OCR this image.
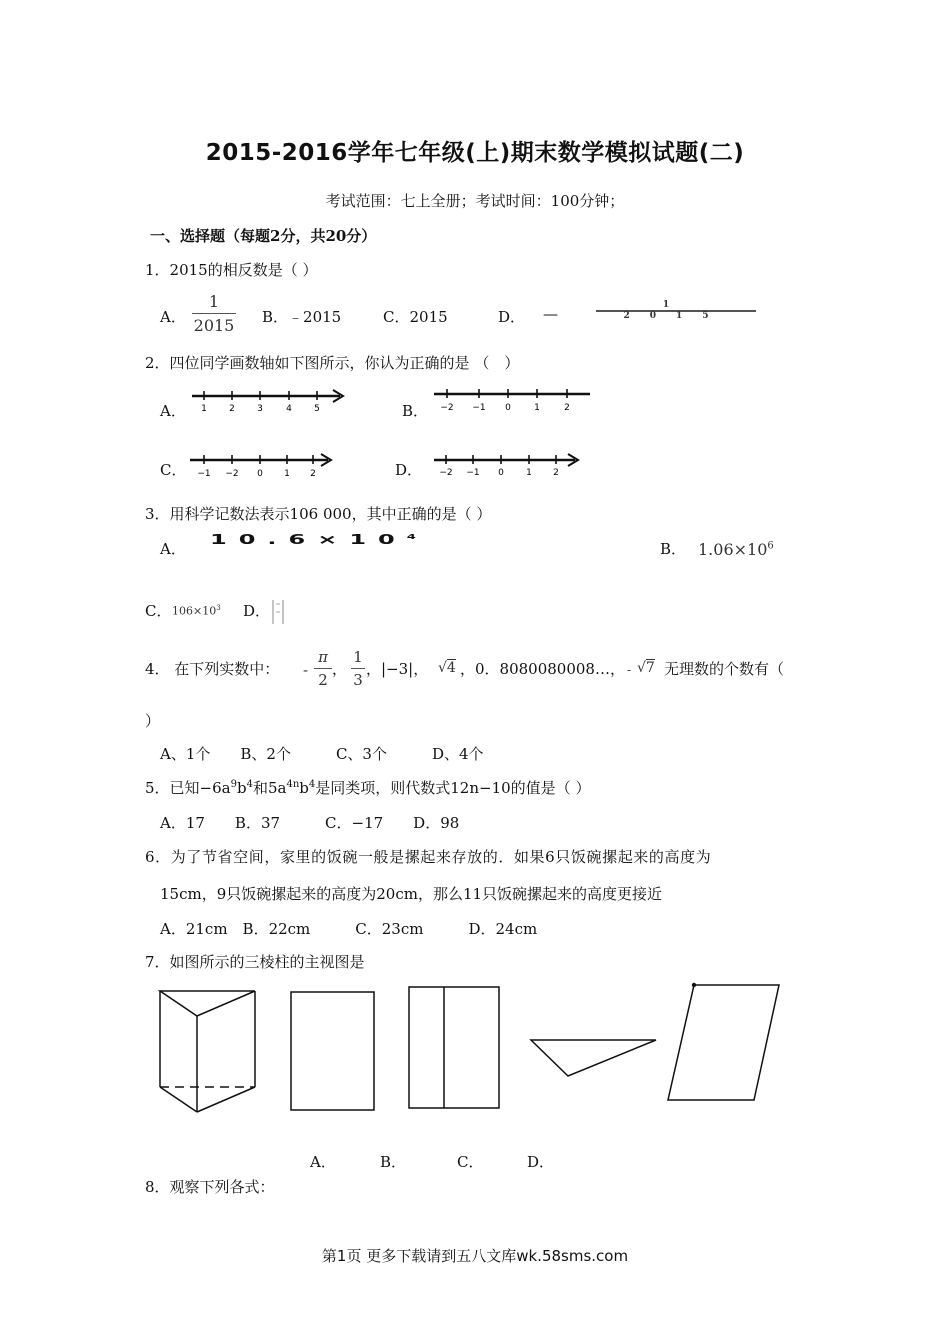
2015-2016学年七年级(上)期末数学模拟试题(二)
考试范围：七上全册；考试时间：100分钟；
一、选择题（每题2分，共20分）
1．2015的相反数是（ ）
A．
1
2015 B．﹣2015	C．2015	D． —	1
2015
2．四位同学画数轴如下图所示，你认为正确的是 （　）
A．	B．
C．	D．
1 2 3	4 5	−2 −1 0	1	2
−1 −2 0 1 2	−2 −1 0 1 2
3．用科学记数法表示106 000，其中正确的是（ ）
A．
$10.6\times 10^4$
B． $1.06\times 10^6$
C． $106\times 10^3$ D．
4． 在下列实数中： -
π
2
，
1
3
，|−3|， √4 ，0．8080080008…， - √7 无理数的个数有（
）
A、1个　　B、2个　　　C、3个　　　D、4个
5．已知$-6a^9b^4$和$5a^{4n}b^4$是同类项，则代数式12n−10的值是（ ）
A．17　　B．37　　　C．−17　　D．98
6．为了节省空间，家里的饭碗一般是摞起来存放的．如果6只饭碗摞起来的高度为
15cm，9只饭碗摞起来的高度为20cm，那么11只饭碗摞起来的高度更接近
A．21cm　B．22cm　　　C．23cm　　　D．24cm
7．如图所示的三棱柱的主视图是
A．	B．	C．	D．
8．观察下列各式：
第1页 更多下载请到五八文库wk.58sms.com
